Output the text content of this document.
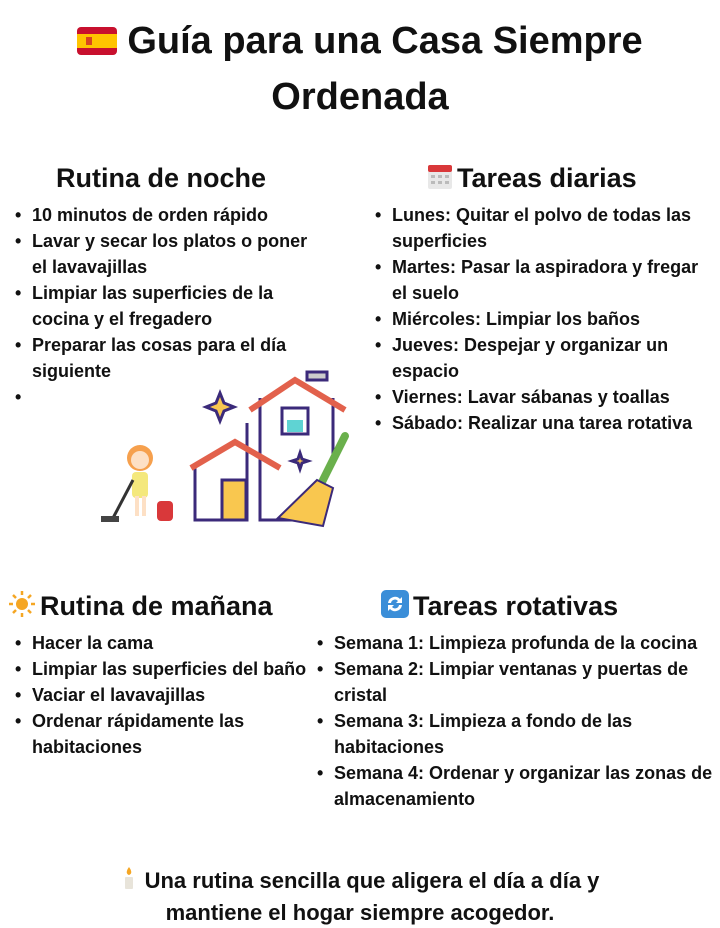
Guía para una Casa Siempre
Ordenada
Rutina de noche
• 10 minutos de orden rápido
• Lavar y secar los platos o poner el lavavajillas
• Limpiar las superficies de la cocina y el fregadero
• Preparar las cosas para el día siguiente
•
Tareas diarias
• Lunes: Quitar el polvo de todas las superficies
• Martes: Pasar la aspiradora y fregar el suelo
• Miércoles: Limpiar los baños
• Jueves: Despejar y organizar un espacio
• Viernes: Lavar sábanas y toallas
• Sábado: Realizar una tarea rotativa
Rutina de mañana
• Hacer la cama
• Limpiar las superficies del baño
• Vaciar el lavavajillas
• Ordenar rápidamente las habitaciones
Tareas rotativas
• Semana 1: Limpieza profunda de la cocina
• Semana 2: Limpiar ventanas y puertas de cristal
• Semana 3: Limpieza a fondo de las habitaciones
• Semana 4: Ordenar y organizar las zonas de almacenamiento
Una rutina sencilla que aligera el día a día y
mantiene el hogar siempre acogedor.
